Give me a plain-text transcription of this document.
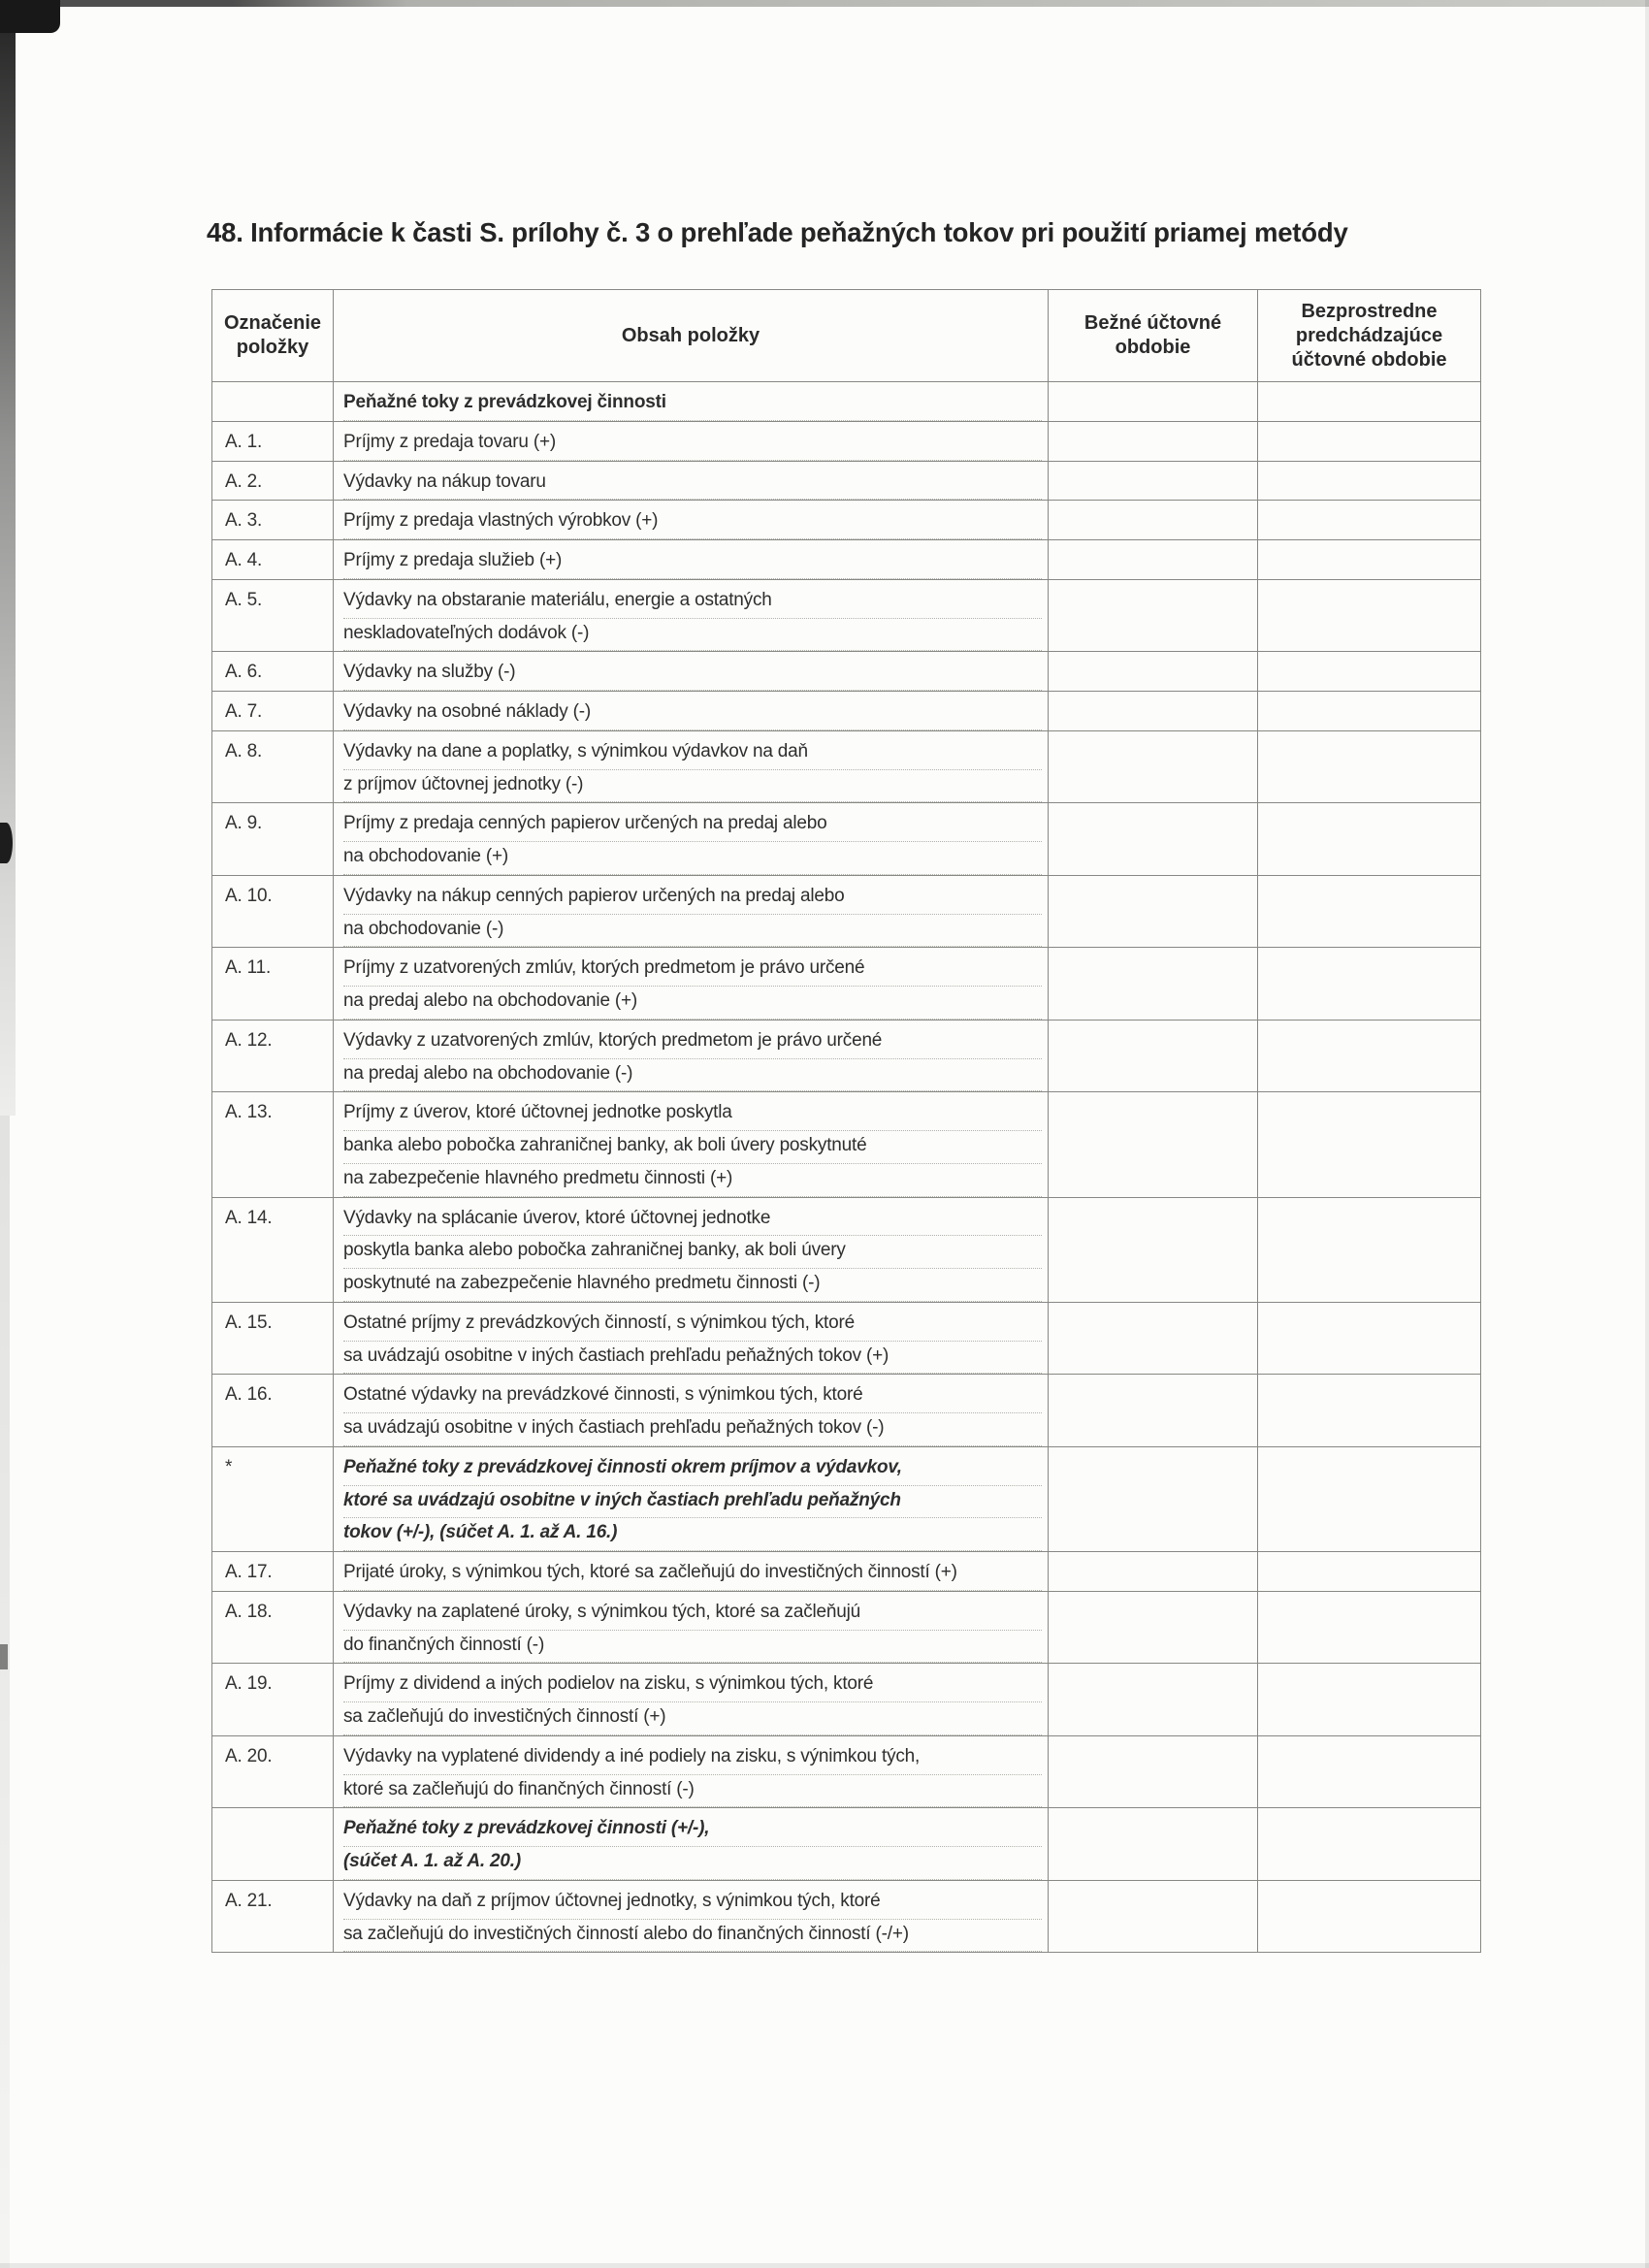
48. Informácie k časti S. prílohy č. 3 o prehľade peňažných tokov pri použití priamej metódy
Označenie položky	Obsah položky	Bežné účtovné obdobie	Bezprostredne predchádzajúce účtovné obdobie

	Peňažné toky z prevádzkovej činnosti		

A. 1.	Príjmy z predaja tovaru (+)		

A. 2.	Výdavky na nákup tovaru		

A. 3.	Príjmy z predaja vlastných výrobkov (+)		

A. 4.	Príjmy z predaja služieb (+)		

A. 5.	Výdavky na obstaranie materiálu, energie a ostatných
neskladovateľných dodávok (-)		

A. 6.	Výdavky na služby (-)		

A. 7.	Výdavky na osobné náklady (-)		

A. 8.	Výdavky na dane a poplatky, s výnimkou výdavkov na daň
z príjmov účtovnej jednotky (-)		

A. 9.	Príjmy z predaja cenných papierov určených na predaj alebo
na obchodovanie (+)		

A. 10.	Výdavky na nákup cenných papierov určených na predaj alebo
na obchodovanie (-)		

A. 11.	Príjmy z uzatvorených zmlúv, ktorých predmetom je právo určené
na predaj alebo na obchodovanie (+)		

A. 12.	Výdavky z uzatvorených zmlúv, ktorých predmetom je právo určené
na predaj alebo na obchodovanie (-)		

A. 13.	Príjmy z úverov, ktoré účtovnej jednotke poskytla
banka alebo pobočka zahraničnej banky, ak boli úvery poskytnuté
na zabezpečenie hlavného predmetu činnosti (+)		

A. 14.	Výdavky na splácanie úverov, ktoré účtovnej jednotke
poskytla banka alebo pobočka zahraničnej banky, ak boli úvery
poskytnuté na zabezpečenie hlavného predmetu činnosti (-)		

A. 15.	Ostatné príjmy z prevádzkových činností, s výnimkou tých, ktoré
sa uvádzajú osobitne v iných častiach prehľadu peňažných tokov (+)		

A. 16.	Ostatné výdavky na prevádzkové činnosti, s výnimkou tých, ktoré
sa uvádzajú osobitne v iných častiach prehľadu peňažných tokov (-)		

*	Peňažné toky z prevádzkovej činnosti okrem príjmov a výdavkov,
ktoré sa uvádzajú osobitne v iných častiach prehľadu peňažných
tokov (+/-), (súčet A. 1. až A. 16.)		

A. 17.	Prijaté úroky, s výnimkou tých, ktoré sa začleňujú do investičných činností (+)		

A. 18.	Výdavky na zaplatené úroky, s výnimkou tých, ktoré sa začleňujú
do finančných činností (-)		

A. 19.	Príjmy z dividend a iných podielov na zisku, s výnimkou tých, ktoré
sa začleňujú do investičných činností (+)		

A. 20.	Výdavky na vyplatené dividendy a iné podiely na zisku, s výnimkou tých,
ktoré sa začleňujú do finančných činností (-)		

	Peňažné toky z prevádzkovej činnosti (+/-),
(súčet A. 1. až A. 20.)		

A. 21.	Výdavky na daň z príjmov účtovnej jednotky, s výnimkou tých, ktoré
sa začleňujú do investičných činností alebo do finančných činností (-/+)		
